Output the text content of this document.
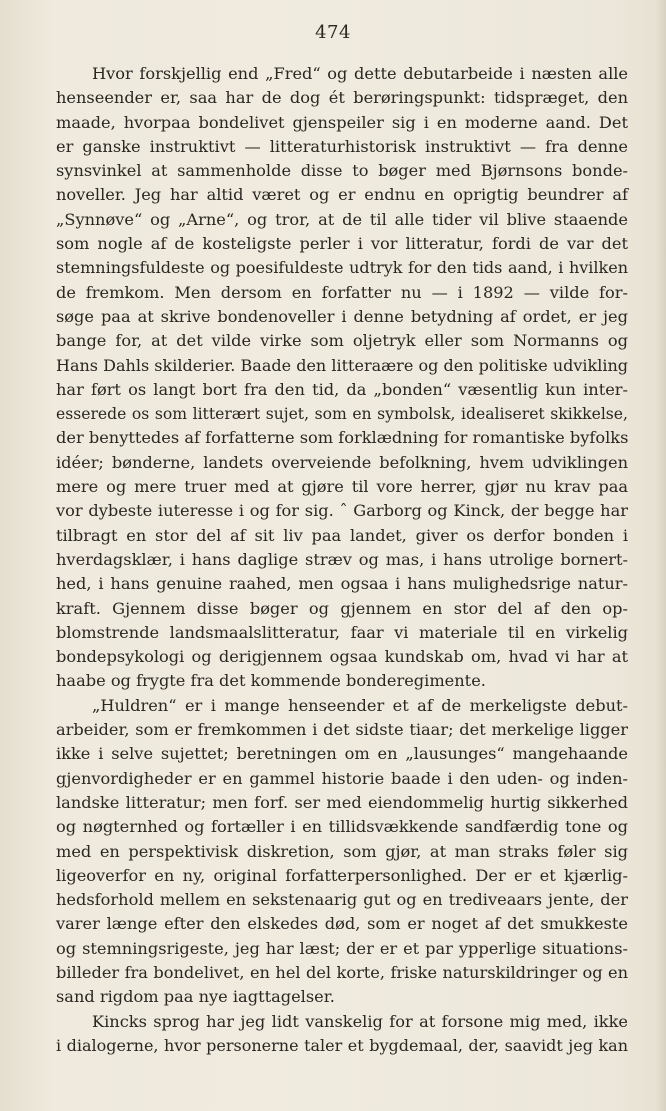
474
Hvor forskjellig end „Fred“ og dette debutarbeide i næsten alle
henseender er, saa har de dog ét berøringspunkt: tidspræget, den
maade, hvorpaa bondelivet gjenspeiler sig i en moderne aand. Det
er ganske instruktivt — litteraturhistorisk instruktivt — fra denne
synsvinkel at sammenholde disse to bøger med Bjørnsons bonde-
noveller. Jeg har altid været og er endnu en oprigtig beundrer af
„Synnøve“ og „Arne“, og tror, at de til alle tider vil blive staaende
som nogle af de kosteligste perler i vor litteratur, fordi de var det
stemningsfuldeste og poesifuldeste udtryk for den tids aand, i hvilken
de fremkom. Men dersom en forfatter nu — i 1892 — vilde for-
søge paa at skrive bondenoveller i denne betydning af ordet, er jeg
bange for, at det vilde virke som oljetryk eller som Normanns og
Hans Dahls skilderier. Baade den litteraære og den politiske udvikling
har ført os langt bort fra den tid, da „bonden“ væsentlig kun inter-
esserede os som litterært sujet, som en symbolsk, idealiseret skikkelse,
der benyttedes af forfatterne som forklædning for romantiske byfolks
idéer; bønderne, landets overveiende befolkning, hvem udviklingen
mere og mere truer med at gjøre til vore herrer, gjør nu krav paa
vor dybeste iuteresse i og for sig. ˆ Garborg og Kinck, der begge har
tilbragt en stor del af sit liv paa landet, giver os derfor bonden i
hverdagsklær, i hans daglige stræv og mas, i hans utrolige bornert-
hed, i hans genuine raahed, men ogsaa i hans mulighedsrige natur-
kraft. Gjennem disse bøger og gjennem en stor del af den op-
blomstrende landsmaalslitteratur, faar vi materiale til en virkelig
bondepsykologi og derigjennem ogsaa kundskab om, hvad vi har at
haabe og frygte fra det kommende bonderegimente.
„Huldren“ er i mange henseender et af de merkeligste debut-
arbeider, som er fremkommen i det sidste tiaar; det merkelige ligger
ikke i selve sujettet; beretningen om en „lausunges“ mangehaande
gjenvordigheder er en gammel historie baade i den uden- og inden-
landske litteratur; men forf. ser med eiendommelig hurtig sikkerhed
og nøgternhed og fortæller i en tillidsvækkende sandfærdig tone og
med en perspektivisk diskretion, som gjør, at man straks føler sig
ligeoverfor en ny, original forfatterpersonlighed. Der er et kjærlig-
hedsforhold mellem en sekstenaarig gut og en trediveaars jente, der
varer længe efter den elskedes død, som er noget af det smukkeste
og stemningsrigeste, jeg har læst; der er et par ypperlige situations-
billeder fra bondelivet, en hel del korte, friske naturskildringer og en
sand rigdom paa nye iagttagelser.
Kincks sprog har jeg lidt vanskelig for at forsone mig med, ikke
i dialogerne, hvor personerne taler et bygdemaal, der, saavidt jeg kan
